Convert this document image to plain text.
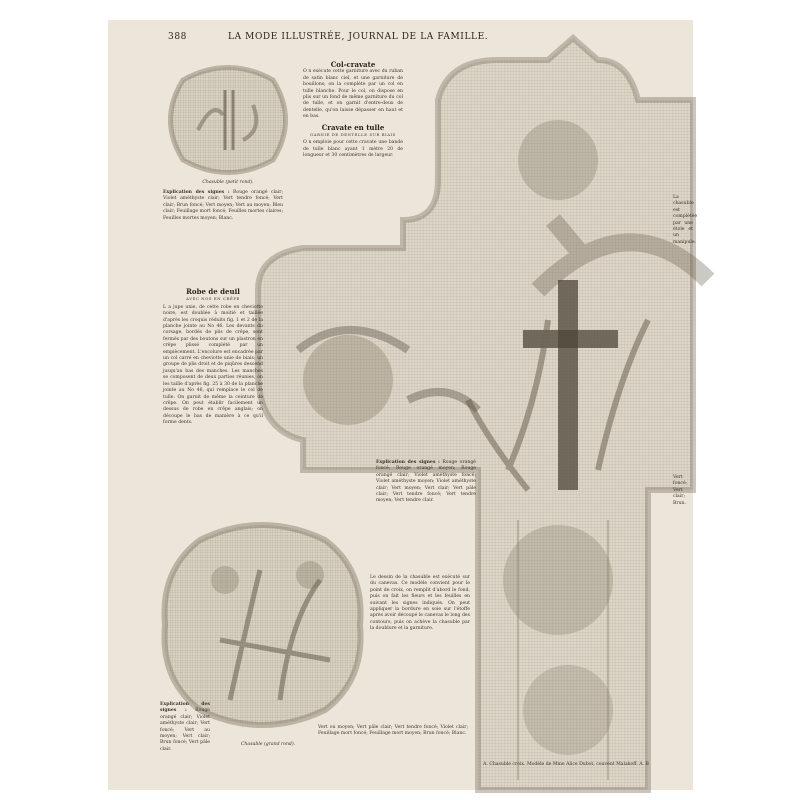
388	LA MODE ILLUSTRÉE, JOURNAL DE LA FAMILLE.
Chasuble (petit rond).
Chasuble (grand rond).
A. Chasuble croix. Modèle de Mme Alice Dubot, couvent Malakoff. A. B
Col-cravate

O n exécute cette garniture avec du ruban de satin blanc ciel, et une garniture de bouillons; on la complète par un col en tulle blanche. Pour le col, on dispose en plis sur un fond de même garniture du col de tulle, et on garnit d'entre-deux de dentelle, qu'on laisse dépasser en haut et en bas.

Cravate en tulle
GARNIE DE DENTELLE SUR BIAIS

O n emploie pour cette cravate une bande de tulle blanc ayant 1 mètre 20 de longueur et 30 centimètres de largeur.

Explication des signes : Rouge orangé clair; Violet améthyste clair; Vert tendre foncé; Vert clair; Brun foncé; Vert moyen; Vert au moyen; Bleu clair; Feuillage mort foncé; Feuilles mortes claires; Feuilles mortes moyen; Blanc.

Robe de deuil
AVEC NOS EN CRÊPE

L a jupe unie, de cette robe en cheviotte noire, est doublée à moitié et taillée d'après les croquis réduits fig. 1 et 2 de la planche jointe au No 46. Les devants du corsage, bordés de plis de crêpe, sont fermés par des boutons sur un plastron en crêpe plissé complété par un empiècement. L'encolure est encadrée par un col carré en cheviotte unie de biais; un groupe de plis droit et de piqûres descend jusqu'au bas des manches. Les manches se composent de deux parties réunies, on les taille d'après fig. 25 à 30 de la planche jointe au No 46, qui remplace le col de tulle. On garnit de même la ceinture de crêpe. On peut établir facilement un dessus de robe en crêpe anglais; on découpe le bas de manière à ce qu'il forme dents.

Explication des signes : Rouge orangé foncé; Rouge orangé moyen; Rouge orangé clair; Violet améthyste foncé; Violet améthyste moyen; Violet améthyste clair; Vert moyen; Vert clair; Vert pâle clair; Vert tendre foncé; Vert tendre moyen; Vert tendre clair.

Le dessin de la chasuble est exécuté sur du canevas. Ce modèle convient pour le point de croix, on remplit d'abord le fond, puis on fait les fleurs et les feuilles en suivant les signes indiqués. On peut appliquer la bordure en soie sur l'étoffe après avoir découpé le canevas le long des contours, puis on achève la chasuble par la doublure et la garniture.

Vert ou moyen; Vert pâle clair; Vert tendre foncé; Violet clair; Feuillage mort foncé; Feuillage mort moyen; Brun foncé; Blanc.

Explication des signes : Rouge orangé clair; Violet améthyste clair; Vert foncé; Vert au moyen; Vert clair; Brun foncé; Vert pâle clair.

La chasuble est complétée par une étole et un manipule.

Vert foncé; Vert clair; Brun.
